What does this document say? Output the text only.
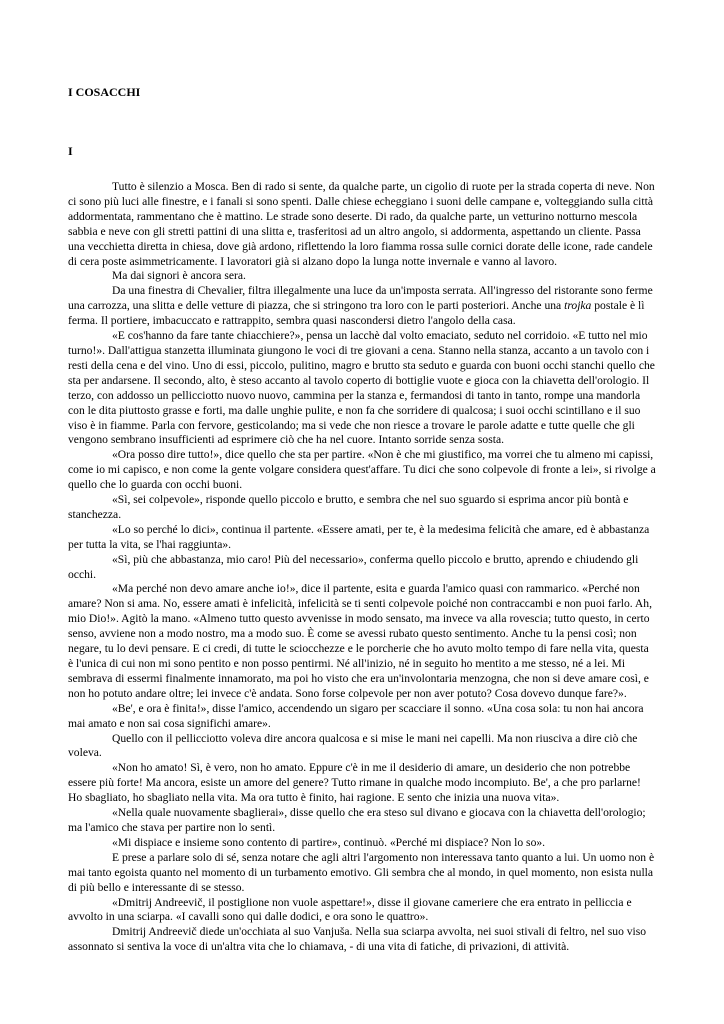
I COSACCHI
I

Tutto è silenzio a Mosca. Ben di rado si sente, da qualche parte, un cigolio di ruote per la strada coperta di neve. Non ci sono più luci alle finestre, e i fanali si sono spenti. Dalle chiese echeggiano i suoni delle campane e, volteggiando sulla città addormentata, rammentano che è mattino. Le strade sono deserte. Di rado, da qualche parte, un vetturino notturno mescola sabbia e neve con gli stretti pattini di una slitta e, trasferitosi ad un altro angolo, si addormenta, aspettando un cliente. Passa una vecchietta diretta in chiesa, dove già ardono, riflettendo la loro fiamma rossa sulle cornici dorate delle icone, rade candele di cera poste asimmetricamente. I lavoratori già si alzano dopo la lunga notte invernale e vanno al lavoro.

Ma dai signori è ancora sera.

Da una finestra di Chevalier, filtra illegalmente una luce da un'imposta serrata. All'ingresso del ristorante sono ferme una carrozza, una slitta e delle vetture di piazza, che si stringono tra loro con le parti posteriori. Anche una trojka postale è lì ferma. Il portiere, imbacuccato e rattrappito, sembra quasi nascondersi dietro l'angolo della casa.

«E cos'hanno da fare tante chiacchiere?», pensa un lacchè dal volto emaciato, seduto nel corridoio. «E tutto nel mio turno!». Dall'attigua stanzetta illuminata giungono le voci di tre giovani a cena. Stanno nella stanza, accanto a un tavolo con i resti della cena e del vino. Uno di essi, piccolo, pulitino, magro e brutto sta seduto e guarda con buoni occhi stanchi quello che sta per andarsene. Il secondo, alto, è steso accanto al tavolo coperto di bottiglie vuote e gioca con la chiavetta dell'orologio. Il terzo, con addosso un pellicciotto nuovo nuovo, cammina per la stanza e, fermandosi di tanto in tanto, rompe una mandorla con le dita piuttosto grasse e forti, ma dalle unghie pulite, e non fa che sorridere di qualcosa; i suoi occhi scintillano e il suo viso è in fiamme. Parla con fervore, gesticolando; ma si vede che non riesce a trovare le parole adatte e tutte quelle che gli vengono sembrano insufficienti ad esprimere ciò che ha nel cuore. Intanto sorride senza sosta.

«Ora posso dire tutto!», dice quello che sta per partire. «Non è che mi giustifico, ma vorrei che tu almeno mi capissi, come io mi capisco, e non come la gente volgare considera quest'affare. Tu dici che sono colpevole di fronte a lei», si rivolge a quello che lo guarda con occhi buoni.

«Sì, sei colpevole», risponde quello piccolo e brutto, e sembra che nel suo sguardo si esprima ancor più bontà e stanchezza.

«Lo so perché lo dici», continua il partente. «Essere amati, per te, è la medesima felicità che amare, ed è abbastanza per tutta la vita, se l'hai raggiunta».

«Sì, più che abbastanza, mio caro! Più del necessario», conferma quello piccolo e brutto, aprendo e chiudendo gli occhi.

«Ma perché non devo amare anche io!», dice il partente, esita e guarda l'amico quasi con rammarico. «Perché non amare? Non si ama. No, essere amati è infelicità, infelicità se ti senti colpevole poiché non contraccambi e non puoi farlo. Ah, mio Dio!». Agitò la mano. «Almeno tutto questo avvenisse in modo sensato, ma invece va alla rovescia; tutto questo, in certo senso, avviene non a modo nostro, ma a modo suo. È come se avessi rubato questo sentimento. Anche tu la pensi così; non negare, tu lo devi pensare. E ci credi, di tutte le sciocchezze e le porcherie che ho avuto molto tempo di fare nella vita, questa è l'unica di cui non mi sono pentito e non posso pentirmi. Né all'inizio, né in seguito ho mentito a me stesso, né a lei. Mi sembrava di essermi finalmente innamorato, ma poi ho visto che era un'involontaria menzogna, che non si deve amare così, e non ho potuto andare oltre; lei invece c'è andata. Sono forse colpevole per non aver potuto? Cosa dovevo dunque fare?».

«Be', e ora è finita!», disse l'amico, accendendo un sigaro per scacciare il sonno. «Una cosa sola: tu non hai ancora mai amato e non sai cosa significhi amare».

Quello con il pellicciotto voleva dire ancora qualcosa e si mise le mani nei capelli. Ma non riusciva a dire ciò che voleva.

«Non ho amato! Sì, è vero, non ho amato. Eppure c'è in me il desiderio di amare, un desiderio che non potrebbe essere più forte! Ma ancora, esiste un amore del genere? Tutto rimane in qualche modo incompiuto. Be', a che pro parlarne! Ho sbagliato, ho sbagliato nella vita. Ma ora tutto è finito, hai ragione. E sento che inizia una nuova vita».

«Nella quale nuovamente sbaglierai», disse quello che era steso sul divano e giocava con la chiavetta dell'orologio; ma l'amico che stava per partire non lo sentì.

«Mi dispiace e insieme sono contento di partire», continuò. «Perché mi dispiace? Non lo so».

E prese a parlare solo di sé, senza notare che agli altri l'argomento non interessava tanto quanto a lui. Un uomo non è mai tanto egoista quanto nel momento di un turbamento emotivo. Gli sembra che al mondo, in quel momento, non esista nulla di più bello e interessante di se stesso.

«Dmitrij Andreevič, il postiglione non vuole aspettare!», disse il giovane cameriere che era entrato in pelliccia e avvolto in una sciarpa. «I cavalli sono qui dalle dodici, e ora sono le quattro».

Dmitrij Andreevič diede un'occhiata al suo Vanjuša. Nella sua sciarpa avvolta, nei suoi stivali di feltro, nel suo viso assonnato si sentiva la voce di un'altra vita che lo chiamava, - di una vita di fatiche, di privazioni, di attività.
